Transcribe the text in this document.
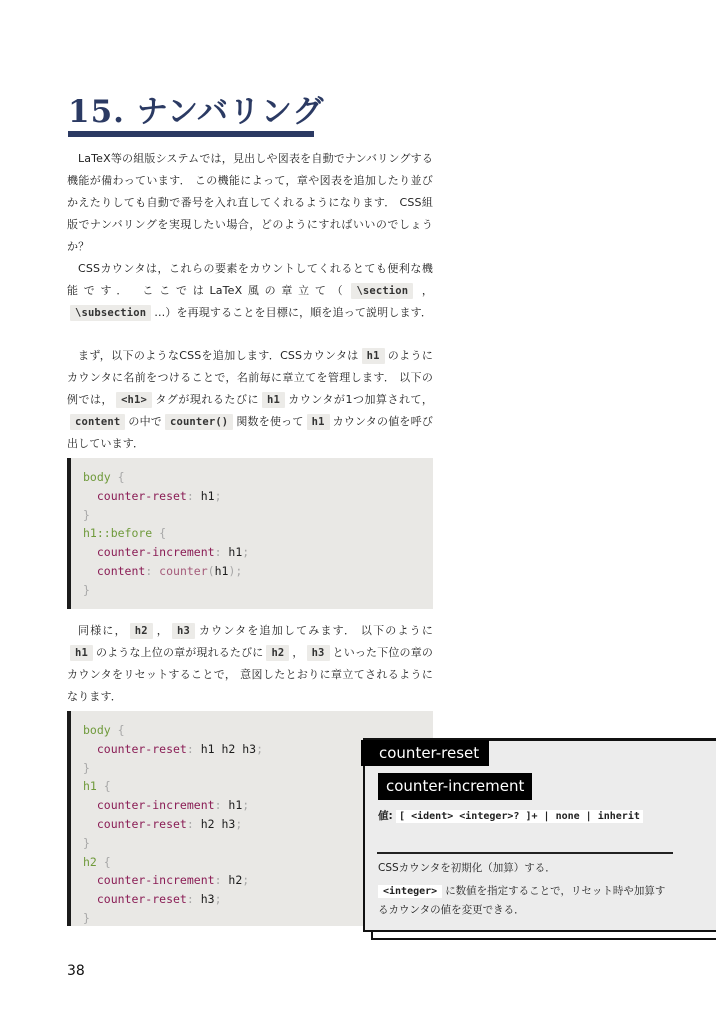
15. ナンバリング

LaTeX等の組版システムでは，見出しや図表を自動でナンバリングする機能が備わっています． この機能によって，章や図表を追加したり並びかえたりしても自動で番号を入れ直してくれるようになります． CSS組版でナンバリングを実現したい場合，どのようにすればいいのでしょうか？

CSSカウンタは，これらの要素をカウントしてくれるとても便利な機能です． ここではLaTeX風の章立て（ \section ，\subsection …）を再現することを目標に，順を追って説明します．

まず，以下のようなCSSを追加します．CSSカウンタは h1 のようにカウンタに名前をつけることで，名前毎に章立てを管理します． 以下の例では， <h1> タグが現れるたびに h1 カウンタが1つ加算されて，content の中で counter() 関数を使って h1 カウンタの値を呼び出しています．

body {
counter-reset: h1;
}
h1::before {
counter-increment: h1;
content: counter(h1);
}

同様に， h2 ， h3 カウンタを追加してみます． 以下のようにh1 のような上位の章が現れるたびに h2 ， h3 といった下位の章のカウンタをリセットすることで， 意図したとおりに章立てされるようになります．

body {
counter-reset: h1 h2 h3;
}
h1 {
counter-increment: h1;
counter-reset: h2 h3;
}
h2 {
counter-increment: h2;
counter-reset: h3;
}
counter-reset
counter-increment
値: [ <ident> <integer>? ]+ | none | inherit

CSSカウンタを初期化（加算）する．

<integer> に数値を指定することで，リセット時や加算するカウンタの値を変更できる．

38
